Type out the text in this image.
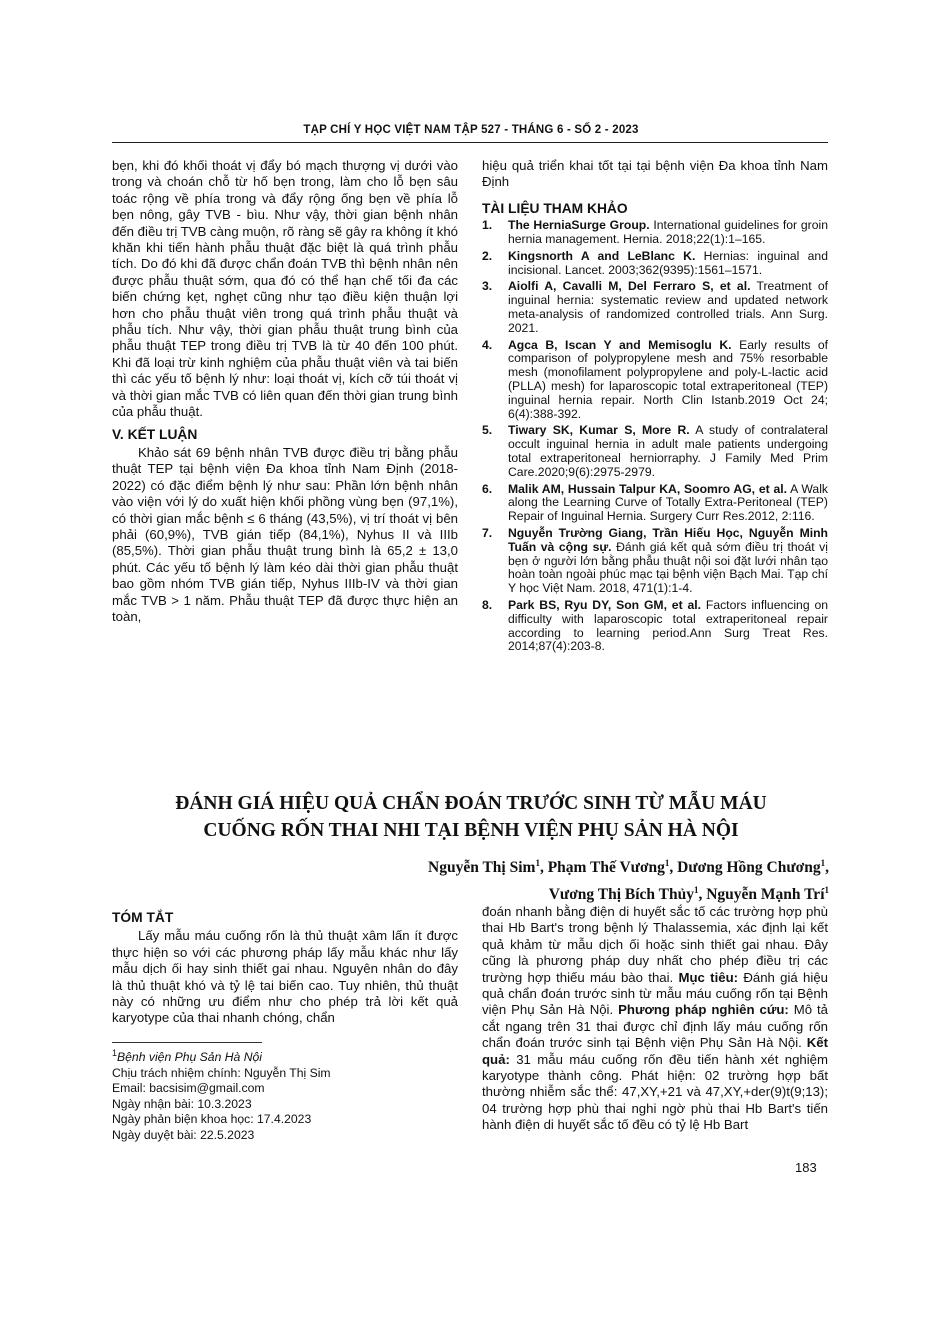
TẠP CHÍ Y HỌC VIỆT NAM TẬP 527 - THÁNG 6 - SỐ 2 - 2023

bẹn, khi đó khối thoát vị đẩy bó mạch thượng vị dưới vào trong và choán chỗ từ hố bẹn trong, làm cho lỗ bẹn sâu toác rộng về phía trong và đẩy rộng ống bẹn về phía lỗ bẹn nông, gây TVB - bìu. Như vậy, thời gian bệnh nhân đến điều trị TVB càng muộn, rõ ràng sẽ gây ra không ít khó khăn khi tiến hành phẫu thuật đặc biệt là quá trình phẫu tích. Do đó khi đã được chẩn đoán TVB thì bệnh nhân nên được phẫu thuật sớm, qua đó có thể hạn chế tối đa các biến chứng kẹt, nghẹt cũng như tạo điều kiện thuận lợi hơn cho phẫu thuật viên trong quá trình phẫu thuật và phẫu tích. Như vậy, thời gian phẫu thuật trung bình của phẫu thuật TEP trong điều trị TVB là từ 40 đến 100 phút. Khi đã loại trừ kinh nghiệm của phẫu thuật viên và tai biến thì các yếu tố bệnh lý như: loại thoát vị, kích cỡ túi thoát vị và thời gian mắc TVB có liên quan đến thời gian trung bình của phẫu thuật.

V. KẾT LUẬN

Khảo sát 69 bệnh nhân TVB được điều trị bằng phẫu thuật TEP tại bệnh viện Đa khoa tỉnh Nam Định (2018-2022) có đặc điểm bệnh lý như sau: Phần lớn bệnh nhân vào viện với lý do xuất hiện khối phồng vùng bẹn (97,1%), có thời gian mắc bệnh ≤ 6 tháng (43,5%), vị trí thoát vị bên phải (60,9%), TVB gián tiếp (84,1%), Nyhus II và IIIb (85,5%). Thời gian phẫu thuật trung bình là 65,2 ± 13,0 phút. Các yếu tố bệnh lý làm kéo dài thời gian phẫu thuật bao gồm nhóm TVB gián tiếp, Nyhus IIIb-IV và thời gian mắc TVB > 1 năm. Phẫu thuật TEP đã được thực hiện an toàn,

hiệu quả triển khai tốt tại tại bệnh viện Đa khoa tỉnh Nam Định

TÀI LIỆU THAM KHẢO
1. The HerniaSurge Group. International guidelines for groin hernia management. Hernia. 2018;22(1):1–165.
2. Kingsnorth A and LeBlanc K. Hernias: inguinal and incisional. Lancet. 2003;362(9395):1561–1571.
3. Aiolfi A, Cavalli M, Del Ferraro S, et al. Treatment of inguinal hernia: systematic review and updated network meta-analysis of randomized controlled trials. Ann Surg. 2021.
4. Agca B, Iscan Y and Memisoglu K. Early results of comparison of polypropylene mesh and 75% resorbable mesh (monofilament polypropylene and poly-L-lactic acid (PLLA) mesh) for laparoscopic total extraperitoneal (TEP) inguinal hernia repair. North Clin Istanb.2019 Oct 24; 6(4):388-392.
5. Tiwary SK, Kumar S, More R. A study of contralateral occult inguinal hernia in adult male patients undergoing total extraperitoneal herniorraphy. J Family Med Prim Care.2020;9(6):2975-2979.
6. Malik AM, Hussain Talpur KA, Soomro AG, et al. A Walk along the Learning Curve of Totally Extra-Peritoneal (TEP) Repair of Inguinal Hernia. Surgery Curr Res.2012, 2:116.
7. Nguyễn Trường Giang, Trần Hiếu Học, Nguyễn Minh Tuấn và cộng sự. Đánh giá kết quả sớm điều trị thoát vị bẹn ở người lớn bằng phẫu thuật nội soi đặt lưới nhân tạo hoàn toàn ngoài phúc mạc tại bệnh viện Bạch Mai. Tạp chí Y học Việt Nam. 2018, 471(1):1-4.
8. Park BS, Ryu DY, Son GM, et al. Factors influencing on difficulty with laparoscopic total extraperitoneal repair according to learning period.Ann Surg Treat Res. 2014;87(4):203-8.
ĐÁNH GIÁ HIỆU QUẢ CHẨN ĐOÁN TRƯỚC SINH TỪ MẪU MÁU
CUỐNG RỐN THAI NHI TẠI BỆNH VIỆN PHỤ SẢN HÀ NỘI
Nguyễn Thị Sim$^1$, Phạm Thế Vương$^1$, Dương Hồng Chương$^1$,
Vương Thị Bích Thủy$^1$, Nguyễn Mạnh Trí$^1$
TÓM TẮT

Lấy mẫu máu cuống rốn là thủ thuật xâm lấn ít được thực hiện so với các phương pháp lấy mẫu khác như lấy mẫu dịch ối hay sinh thiết gai nhau. Nguyên nhân do đây là thủ thuật khó và tỷ lệ tai biến cao. Tuy nhiên, thủ thuật này có những ưu điểm như cho phép trả lời kết quả karyotype của thai nhanh chóng, chẩn

đoán nhanh bằng điện di huyết sắc tố các trường hợp phù thai Hb Bart's trong bệnh lý Thalassemia, xác định lại kết quả khảm từ mẫu dịch ối hoặc sinh thiết gai nhau. Đây cũng là phương pháp duy nhất cho phép điều trị các trường hợp thiếu máu bào thai. Mục tiêu: Đánh giá hiệu quả chẩn đoán trước sinh từ mẫu máu cuống rốn tại Bệnh viện Phụ Sản Hà Nội. Phương pháp nghiên cứu: Mô tả cắt ngang trên 31 thai được chỉ định lấy máu cuống rốn chẩn đoán trước sinh tại Bệnh viện Phụ Sản Hà Nội. Kết quả: 31 mẫu máu cuống rốn đều tiến hành xét nghiệm karyotype thành công. Phát hiện: 02 trường hợp bất thường nhiễm sắc thể: 47,XY,+21 và 47,XY,+der(9)t(9;13); 04 trường hợp phù thai nghi ngờ phù thai Hb Bart's tiến hành điện di huyết sắc tố đều có tỷ lệ Hb Bart

$^1$Bệnh viện Phụ Sản Hà Nội
Chịu trách nhiệm chính: Nguyễn Thị Sim
Email: bacsisim@gmail.com
Ngày nhận bài: 10.3.2023
Ngày phản biện khoa học: 17.4.2023
Ngày duyệt bài: 22.5.2023
183
